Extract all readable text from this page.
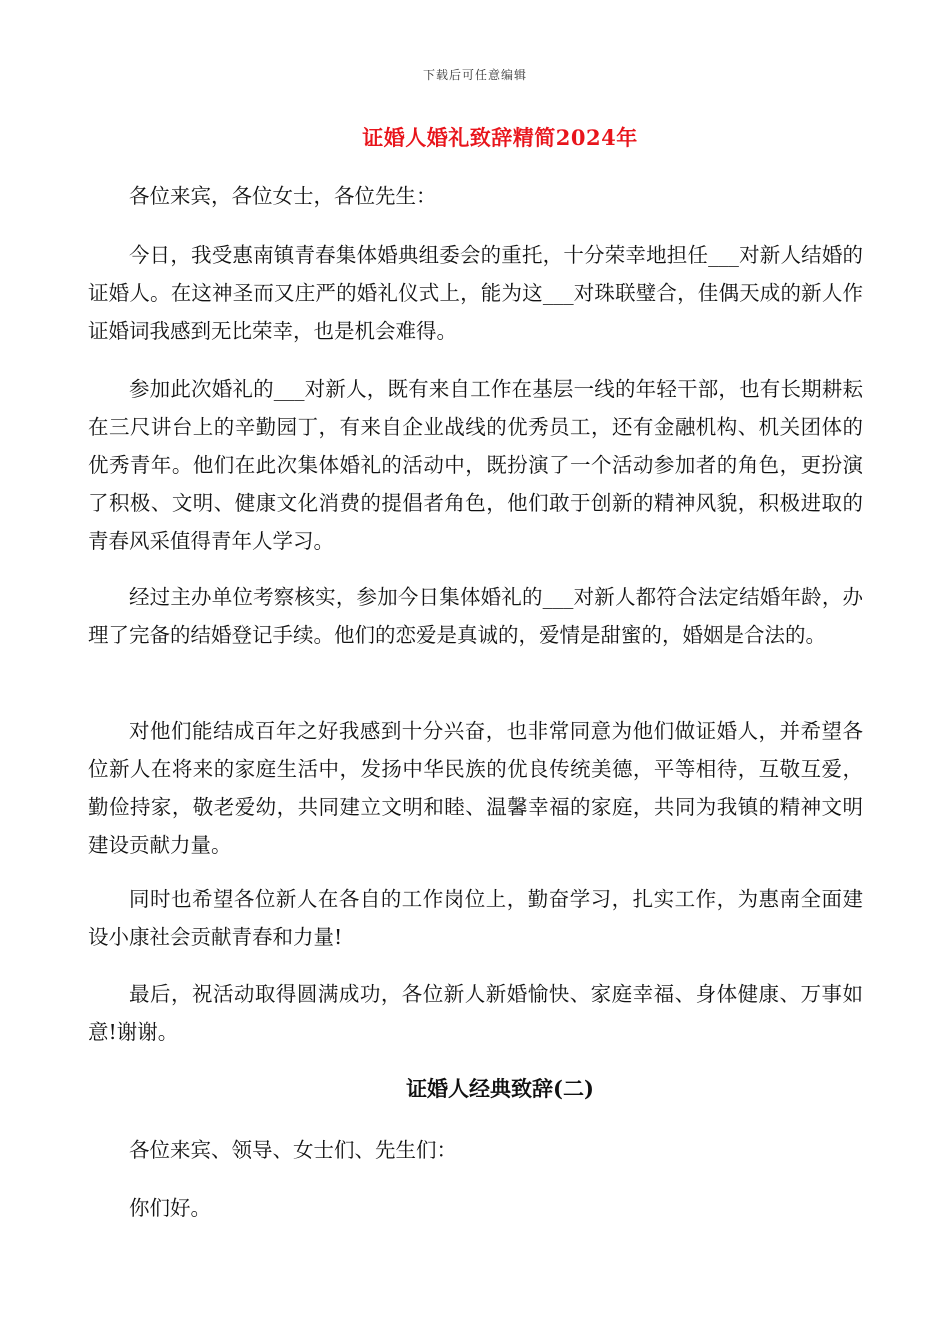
下载后可任意编辑
证婚人婚礼致辞精简2024年

各位来宾，各位女士，各位先生：

今日，我受惠南镇青春集体婚典组委会的重托，十分荣幸地担任___对新人结婚的证婚人。在这神圣而又庄严的婚礼仪式上，能为这___对珠联璧合，佳偶天成的新人作证婚词我感到无比荣幸，也是机会难得。

参加此次婚礼的___对新人，既有来自工作在基层一线的年轻干部，也有长期耕耘在三尺讲台上的辛勤园丁，有来自企业战线的优秀员工，还有金融机构、机关团体的优秀青年。他们在此次集体婚礼的活动中，既扮演了一个活动参加者的角色，更扮演了积极、文明、健康文化消费的提倡者角色，他们敢于创新的精神风貌，积极进取的青春风采值得青年人学习。

经过主办单位考察核实，参加今日集体婚礼的___对新人都符合法定结婚年龄，办理了完备的结婚登记手续。他们的恋爱是真诚的，爱情是甜蜜的，婚姻是合法的。

对他们能结成百年之好我感到十分兴奋，也非常同意为他们做证婚人，并希望各位新人在将来的家庭生活中，发扬中华民族的优良传统美德，平等相待，互敬互爱，勤俭持家，敬老爱幼，共同建立文明和睦、温馨幸福的家庭，共同为我镇的精神文明建设贡献力量。

同时也希望各位新人在各自的工作岗位上，勤奋学习，扎实工作，为惠南全面建设小康社会贡献青春和力量!

最后，祝活动取得圆满成功，各位新人新婚愉快、家庭幸福、身体健康、万事如意!谢谢。

证婚人经典致辞(二)

各位来宾、领导、女士们、先生们：

你们好。
